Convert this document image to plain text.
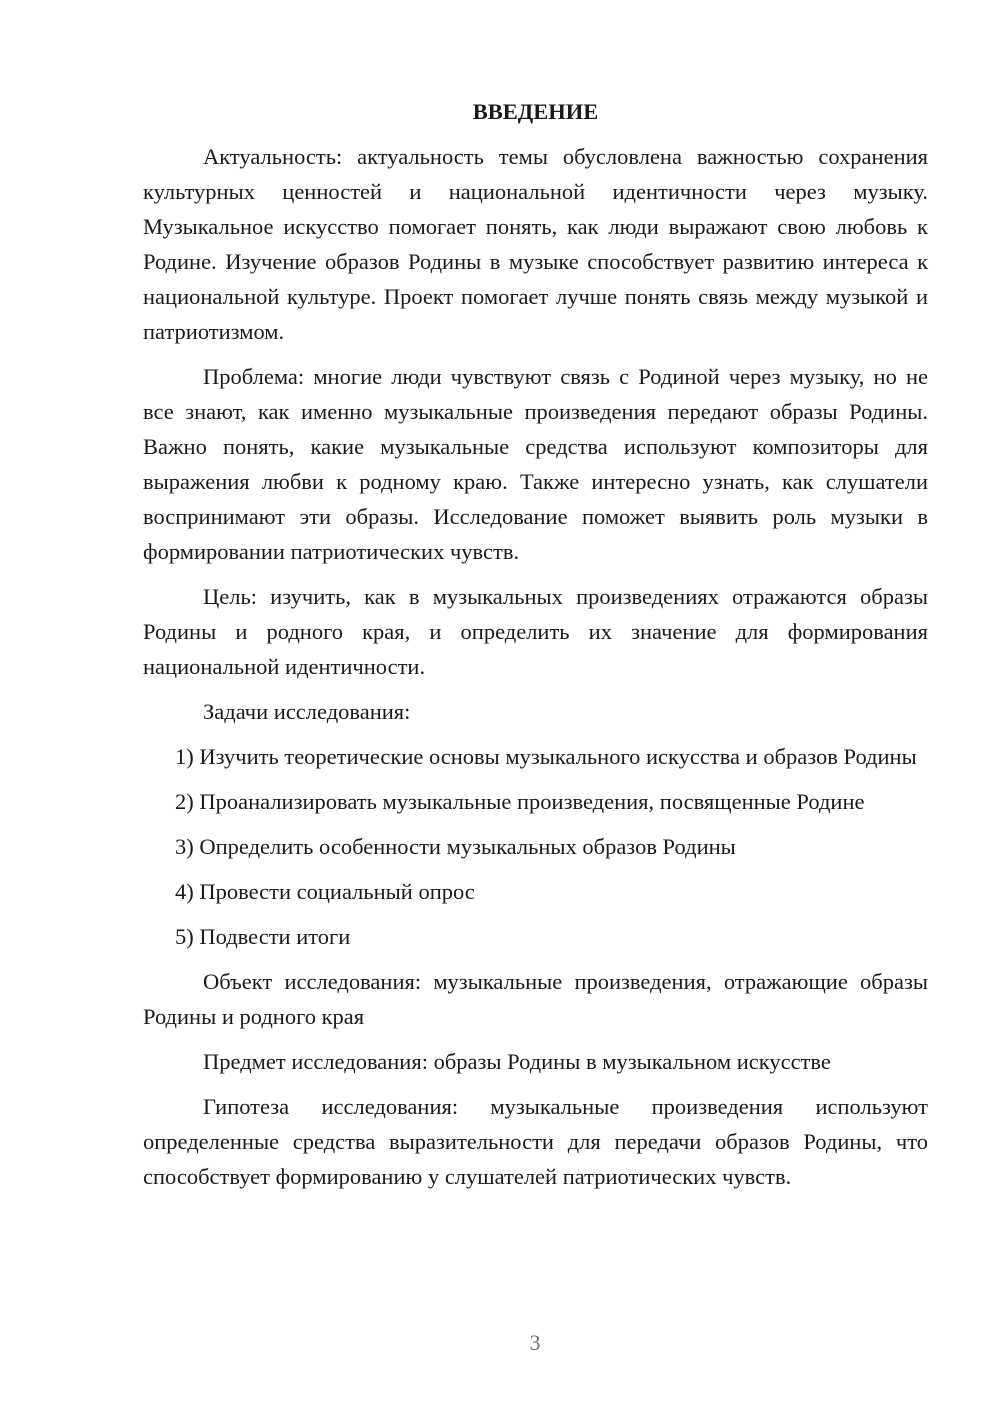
ВВЕДЕНИЕ

Актуальность: актуальность темы обусловлена важностью сохранения культурных ценностей и национальной идентичности через музыку. Музыкальное искусство помогает понять, как люди выражают свою любовь к Родине. Изучение образов Родины в музыке способствует развитию интереса к национальной культуре. Проект помогает лучше понять связь между музыкой и патриотизмом.

Проблема: многие люди чувствуют связь с Родиной через музыку, но не все знают, как именно музыкальные произведения передают образы Родины. Важно понять, какие музыкальные средства используют композиторы для выражения любви к родному краю. Также интересно узнать, как слушатели воспринимают эти образы. Исследование поможет выявить роль музыки в формировании патриотических чувств.

Цель: изучить, как в музыкальных произведениях отражаются образы Родины и родного края, и определить их значение для формирования национальной идентичности.

Задачи исследования:

1) Изучить теоретические основы музыкального искусства и образов Родины

2) Проанализировать музыкальные произведения, посвященные Родине

3) Определить особенности музыкальных образов Родины

4) Провести социальный опрос

5) Подвести итоги

Объект исследования: музыкальные произведения, отражающие образы Родины и родного края

Предмет исследования: образы Родины в музыкальном искусстве

Гипотеза исследования: музыкальные произведения используют определенные средства выразительности для передачи образов Родины, что способствует формированию у слушателей патриотических чувств.

3
